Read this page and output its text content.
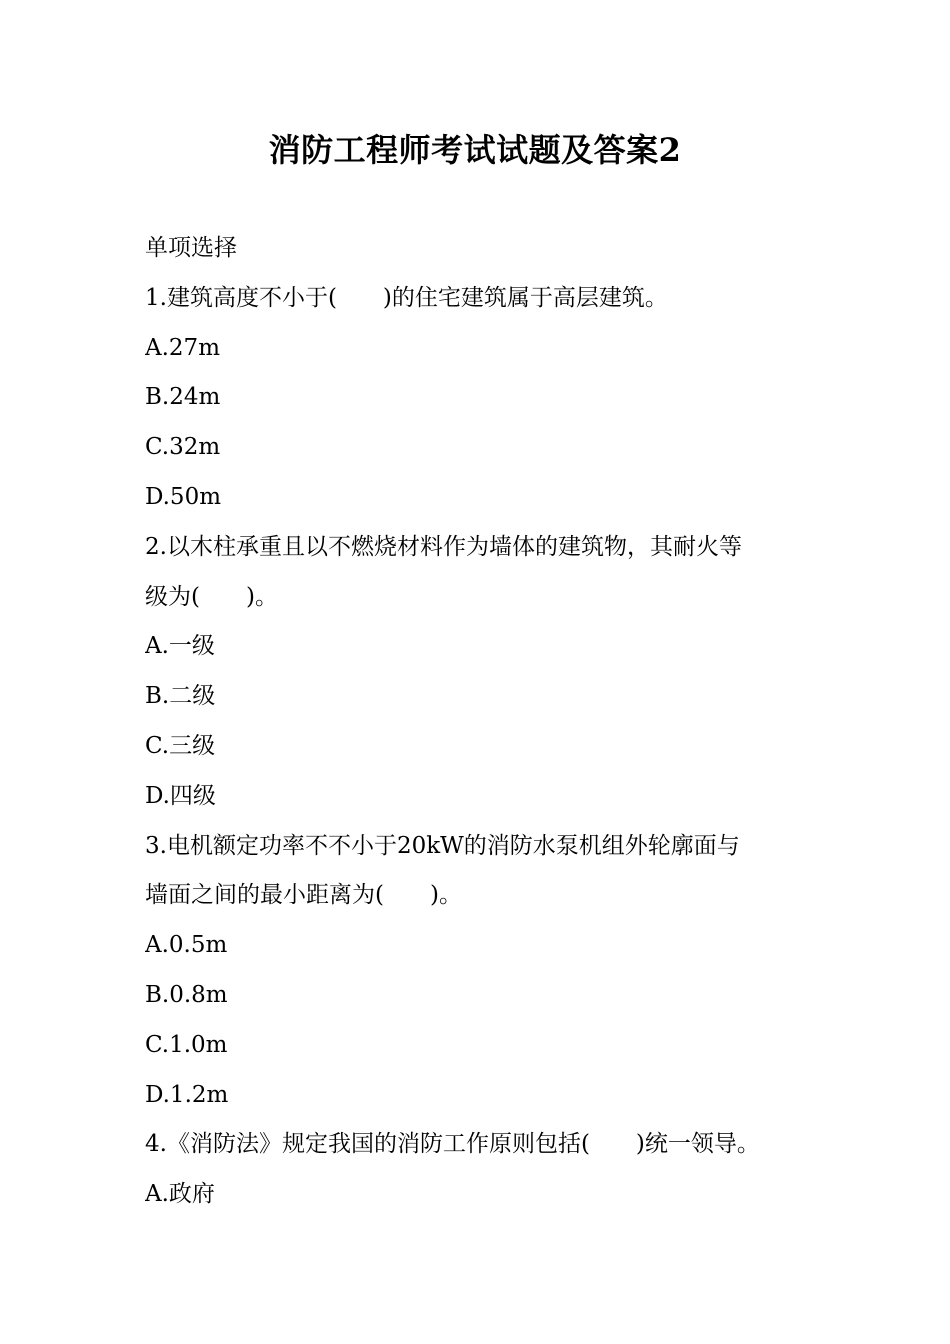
消防工程师考试试题及答案2
单项选择
1.建筑高度不小于(　　)的住宅建筑属于高层建筑。
A.27m
B.24m
C.32m
D.50m
2.以木柱承重且以不燃烧材料作为墙体的建筑物，其耐火等
级为(　　)。
A.一级
B.二级
C.三级
D.四级
3.电机额定功率不不小于20kW的消防水泵机组外轮廓面与
墙面之间的最小距离为(　　)。
A.0.5m
B.0.8m
C.1.0m
D.1.2m
4.《消防法》规定我国的消防工作原则包括(　　)统一领导。
A.政府
